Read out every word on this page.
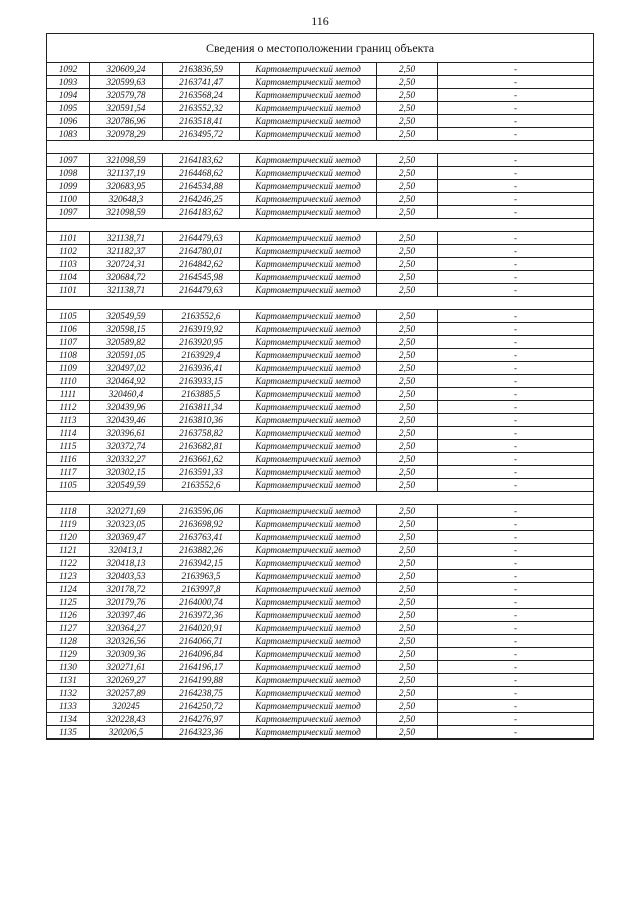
116
Сведения о местоположении границ объекта
1092	320609,24	2163836,59	Картометрический метод	2,50	-
1093	320599,63	2163741,47	Картометрический метод	2,50	-
1094	320579,78	2163568,24	Картометрический метод	2,50	-
1095	320591,54	2163552,32	Картометрический метод	2,50	-
1096	320786,96	2163518,41	Картометрический метод	2,50	-
1083	320978,29	2163495,72	Картометрический метод	2,50	-

1097	321098,59	2164183,62	Картометрический метод	2,50	-
1098	321137,19	2164468,62	Картометрический метод	2,50	-
1099	320683,95	2164534,88	Картометрический метод	2,50	-
1100	320648,3	2164246,25	Картометрический метод	2,50	-
1097	321098,59	2164183,62	Картометрический метод	2,50	-

1101	321138,71	2164479,63	Картометрический метод	2,50	-
1102	321182,37	2164780,01	Картометрический метод	2,50	-
1103	320724,31	2164842,62	Картометрический метод	2,50	-
1104	320684,72	2164545,98	Картометрический метод	2,50	-
1101	321138,71	2164479,63	Картометрический метод	2,50	-

1105	320549,59	2163552,6	Картометрический метод	2,50	-
1106	320598,15	2163919,92	Картометрический метод	2,50	-
1107	320589,82	2163920,95	Картометрический метод	2,50	-
1108	320591,05	2163929,4	Картометрический метод	2,50	-
1109	320497,02	2163936,41	Картометрический метод	2,50	-
1110	320464,92	2163933,15	Картометрический метод	2,50	-
1111	320460,4	2163885,5	Картометрический метод	2,50	-
1112	320439,96	2163811,34	Картометрический метод	2,50	-
1113	320439,46	2163810,36	Картометрический метод	2,50	-
1114	320396,61	2163758,82	Картометрический метод	2,50	-
1115	320372,74	2163682,81	Картометрический метод	2,50	-
1116	320332,27	2163661,62	Картометрический метод	2,50	-
1117	320302,15	2163591,33	Картометрический метод	2,50	-
1105	320549,59	2163552,6	Картометрический метод	2,50	-

1118	320271,69	2163596,06	Картометрический метод	2,50	-
1119	320323,05	2163698,92	Картометрический метод	2,50	-
1120	320369,47	2163763,41	Картометрический метод	2,50	-
1121	320413,1	2163882,26	Картометрический метод	2,50	-
1122	320418,13	2163942,15	Картометрический метод	2,50	-
1123	320403,53	2163963,5	Картометрический метод	2,50	-
1124	320178,72	2163997,8	Картометрический метод	2,50	-
1125	320179,76	2164000,74	Картометрический метод	2,50	-
1126	320397,46	2163972,36	Картометрический метод	2,50	-
1127	320364,27	2164020,91	Картометрический метод	2,50	-
1128	320326,56	2164066,71	Картометрический метод	2,50	-
1129	320309,36	2164096,84	Картометрический метод	2,50	-
1130	320271,61	2164196,17	Картометрический метод	2,50	-
1131	320269,27	2164199,88	Картометрический метод	2,50	-
1132	320257,89	2164238,75	Картометрический метод	2,50	-
1133	320245	2164250,72	Картометрический метод	2,50	-
1134	320228,43	2164276,97	Картометрический метод	2,50	-
1135	320206,5	2164323,36	Картометрический метод	2,50	-
